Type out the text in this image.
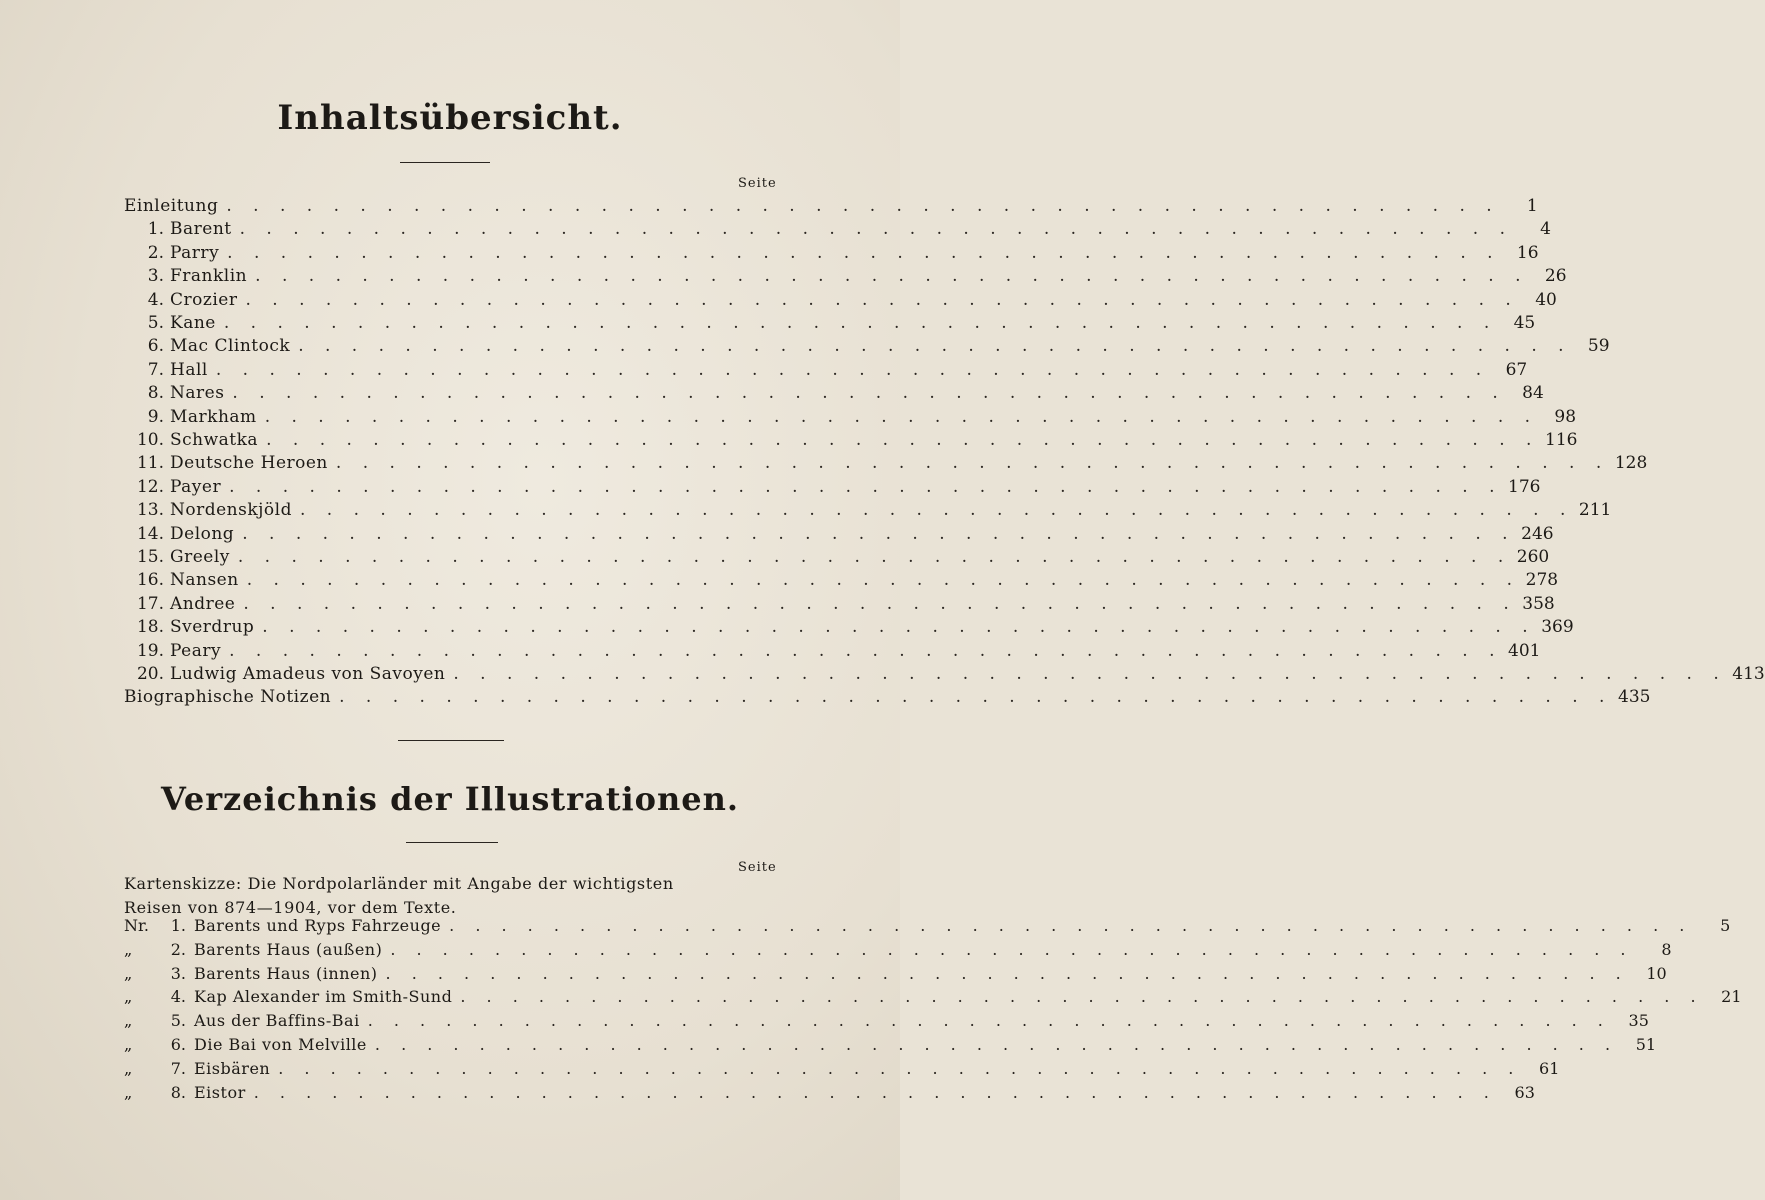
Inhaltsübersicht.
Seite
Einleitung . . . . . . . . . . . . . . . . . . . . . . . . . . . . . . . . . . . . . . . . . . . . . . . .	1
1. Barent . . . . . . . . . . . . . . . . . . . . . . . . . . . . . . . . . . . . . . . . . . . . . . . .	4
2. Parry . . . . . . . . . . . . . . . . . . . . . . . . . . . . . . . . . . . . . . . . . . . . . . . . 16
3. Franklin . . . . . . . . . . . . . . . . . . . . . . . . . . . . . . . . . . . . . . . . . . . . . . . . 26
4. Crozier . . . . . . . . . . . . . . . . . . . . . . . . . . . . . . . . . . . . . . . . . . . . . . . . 40
5. Kane . . . . . . . . . . . . . . . . . . . . . . . . . . . . . . . . . . . . . . . . . . . . . . . . 45
6. Mac Clintock . . . . . . . . . . . . . . . . . . . . . . . . . . . . . . . . . . . . . . . . . . . . . . . . 59
7. Hall . . . . . . . . . . . . . . . . . . . . . . . . . . . . . . . . . . . . . . . . . . . . . . . . 67
8. Nares . . . . . . . . . . . . . . . . . . . . . . . . . . . . . . . . . . . . . . . . . . . . . . . . 84
9. Markham . . . . . . . . . . . . . . . . . . . . . . . . . . . . . . . . . . . . . . . . . . . . . . . . 98
10. Schwatka . . . . . . . . . . . . . . . . . . . . . . . . . . . . . . . . . . . . . . . . . . . . . . . . 116
11. Deutsche Heroen . . . . . . . . . . . . . . . . . . . . . . . . . . . . . . . . . . . . . . . . . . . . . . . . 128
12. Payer . . . . . . . . . . . . . . . . . . . . . . . . . . . . . . . . . . . . . . . . . . . . . . . . 176
13. Nordenskjöld . . . . . . . . . . . . . . . . . . . . . . . . . . . . . . . . . . . . . . . . . . . . . . . . 211
14. Delong . . . . . . . . . . . . . . . . . . . . . . . . . . . . . . . . . . . . . . . . . . . . . . . . 246
15. Greely . . . . . . . . . . . . . . . . . . . . . . . . . . . . . . . . . . . . . . . . . . . . . . . . 260
16. Nansen . . . . . . . . . . . . . . . . . . . . . . . . . . . . . . . . . . . . . . . . . . . . . . . . 278
17. Andree . . . . . . . . . . . . . . . . . . . . . . . . . . . . . . . . . . . . . . . . . . . . . . . . 358
18. Sverdrup . . . . . . . . . . . . . . . . . . . . . . . . . . . . . . . . . . . . . . . . . . . . . . . . 369
19. Peary . . . . . . . . . . . . . . . . . . . . . . . . . . . . . . . . . . . . . . . . . . . . . . . . 401
20. Ludwig Amadeus von Savoyen . . . . . . . . . . . . . . . . . . . . . . . . . . . . . . . . . . . . . . . . . . . . . . . . 413
Biographische Notizen . . . . . . . . . . . . . . . . . . . . . . . . . . . . . . . . . . . . . . . . . . . . . . . . 435
Verzeichnis der Illustrationen.
Seite
Kartenskizze: Die Nordpolarländer mit Angabe der wichtigsten Reisen von 874—1904, vor dem Texte.
Nr.	1. Barents und Ryps Fahrzeuge . . . . . . . . . . . . . . . . . . . . . . . . . . . . . . . . . . . . . . . . . . . . . . . .	5
„	2. Barents Haus (außen) . . . . . . . . . . . . . . . . . . . . . . . . . . . . . . . . . . . . . . . . . . . . . . . .	8
„	3. Barents Haus (innen) . . . . . . . . . . . . . . . . . . . . . . . . . . . . . . . . . . . . . . . . . . . . . . . .	10
„	4. Kap Alexander im Smith-Sund . . . . . . . . . . . . . . . . . . . . . . . . . . . . . . . . . . . . . . . . . . . . . . . .	21
„	5. Aus der Baffins-Bai . . . . . . . . . . . . . . . . . . . . . . . . . . . . . . . . . . . . . . . . . . . . . . . .	35
„	6. Die Bai von Melville . . . . . . . . . . . . . . . . . . . . . . . . . . . . . . . . . . . . . . . . . . . . . . . .	51
„	7. Eisbären . . . . . . . . . . . . . . . . . . . . . . . . . . . . . . . . . . . . . . . . . . . . . . . .	61
„	8. Eistor . . . . . . . . . . . . . . . . . . . . . . . . . . . . . . . . . . . . . . . . . . . . . . . .	63
